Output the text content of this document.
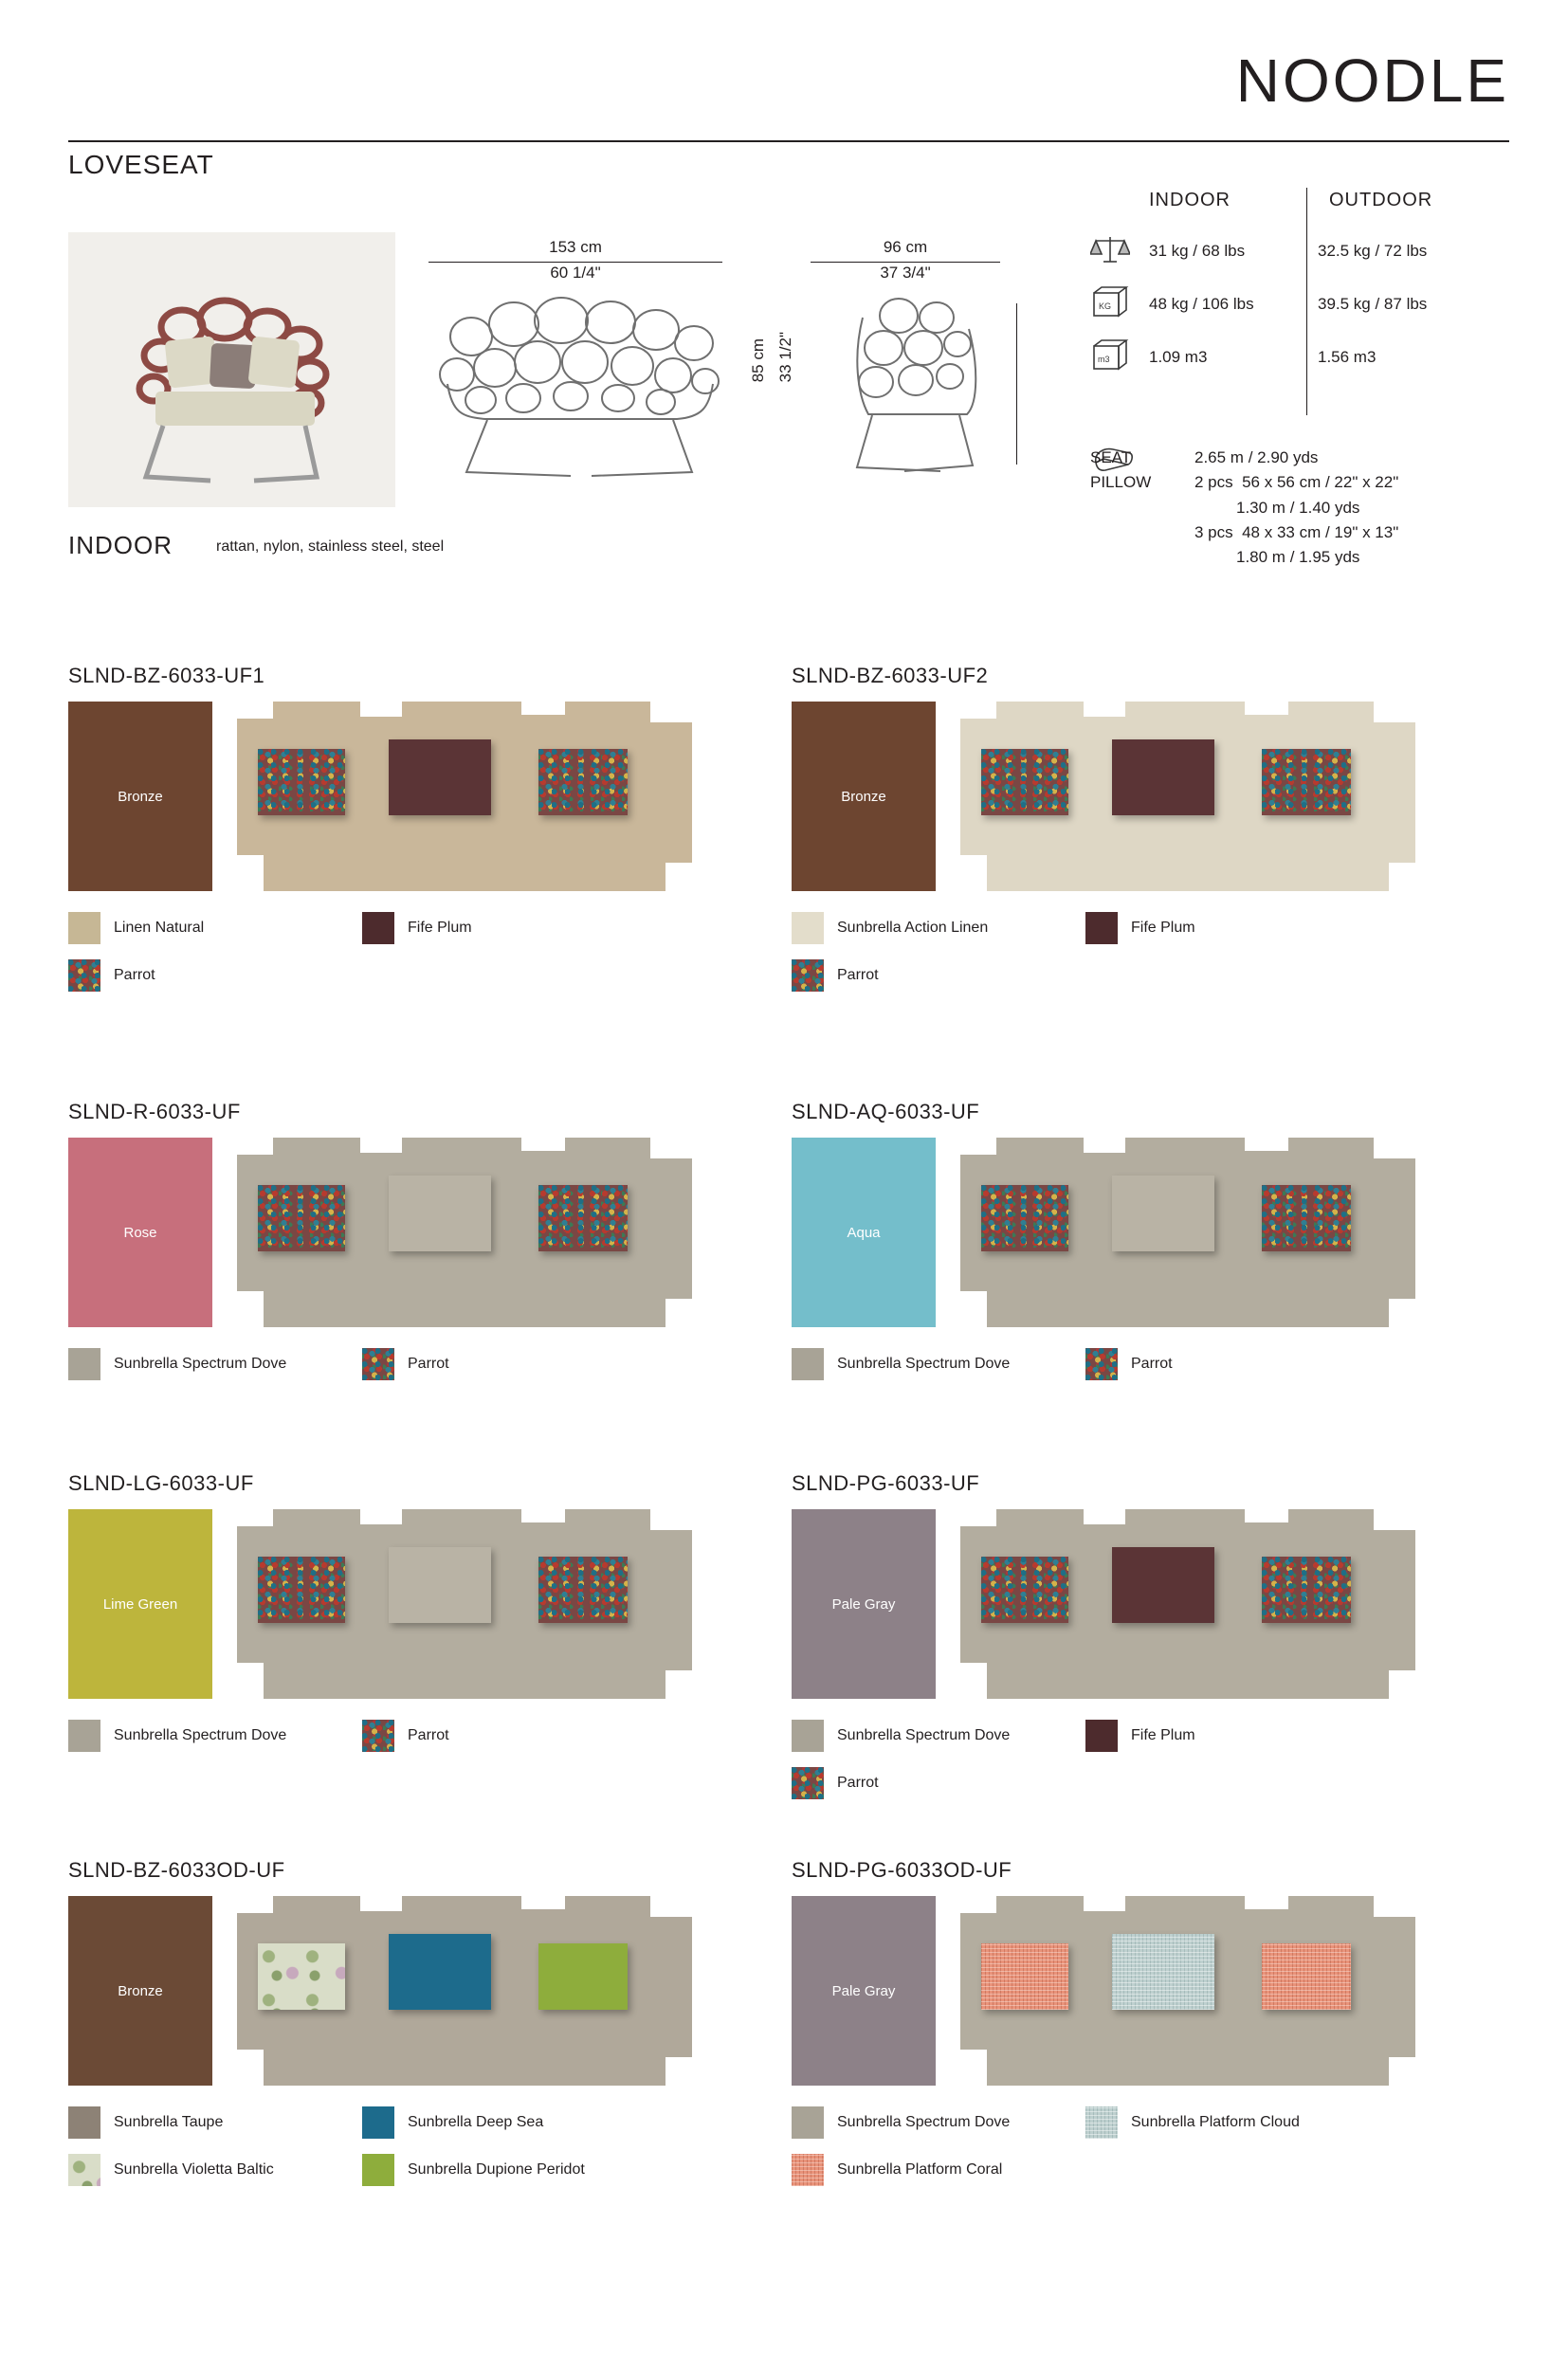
NOODLE
LOVESEAT
153 cm
60 1/4"
96 cm
37 3/4"
85 cm 33 1/2"
INDOOR	rattan, nylon, stainless steel, steel
INDOOR	OUTDOOR
31 kg / 68 lbs	32.5 kg / 72 lbs
KG 48 kg / 106 lbs	39.5 kg / 87 lbs
m3 1.09 m3	1.56 m3
SEAT	2.65 m / 2.90 yds
PILLOW	2 pcs 56 x 56 cm / 22" x 22"
1.30 m / 1.40 yds
3 pcs 48 x 33 cm / 19" x 13"
1.80 m / 1.95 yds
SLND-BZ-6033-UF1
Bronze
Linen Natural	Fife Plum
Parrot
SLND-BZ-6033-UF2
Bronze
Sunbrella Action Linen	Fife Plum
Parrot
SLND-R-6033-UF
Rose
Sunbrella Spectrum Dove	Parrot
SLND-AQ-6033-UF
Aqua
Sunbrella Spectrum Dove	Parrot
SLND-LG-6033-UF
Lime Green
Sunbrella Spectrum Dove	Parrot
SLND-PG-6033-UF
Pale Gray
Sunbrella Spectrum Dove	Fife Plum
Parrot
SLND-BZ-6033OD-UF
Bronze
Sunbrella Taupe	Sunbrella Deep Sea
Sunbrella Violetta Baltic	Sunbrella Dupione Peridot
SLND-PG-6033OD-UF
Pale Gray
Sunbrella Spectrum Dove	Sunbrella Platform Cloud
Sunbrella Platform Coral
